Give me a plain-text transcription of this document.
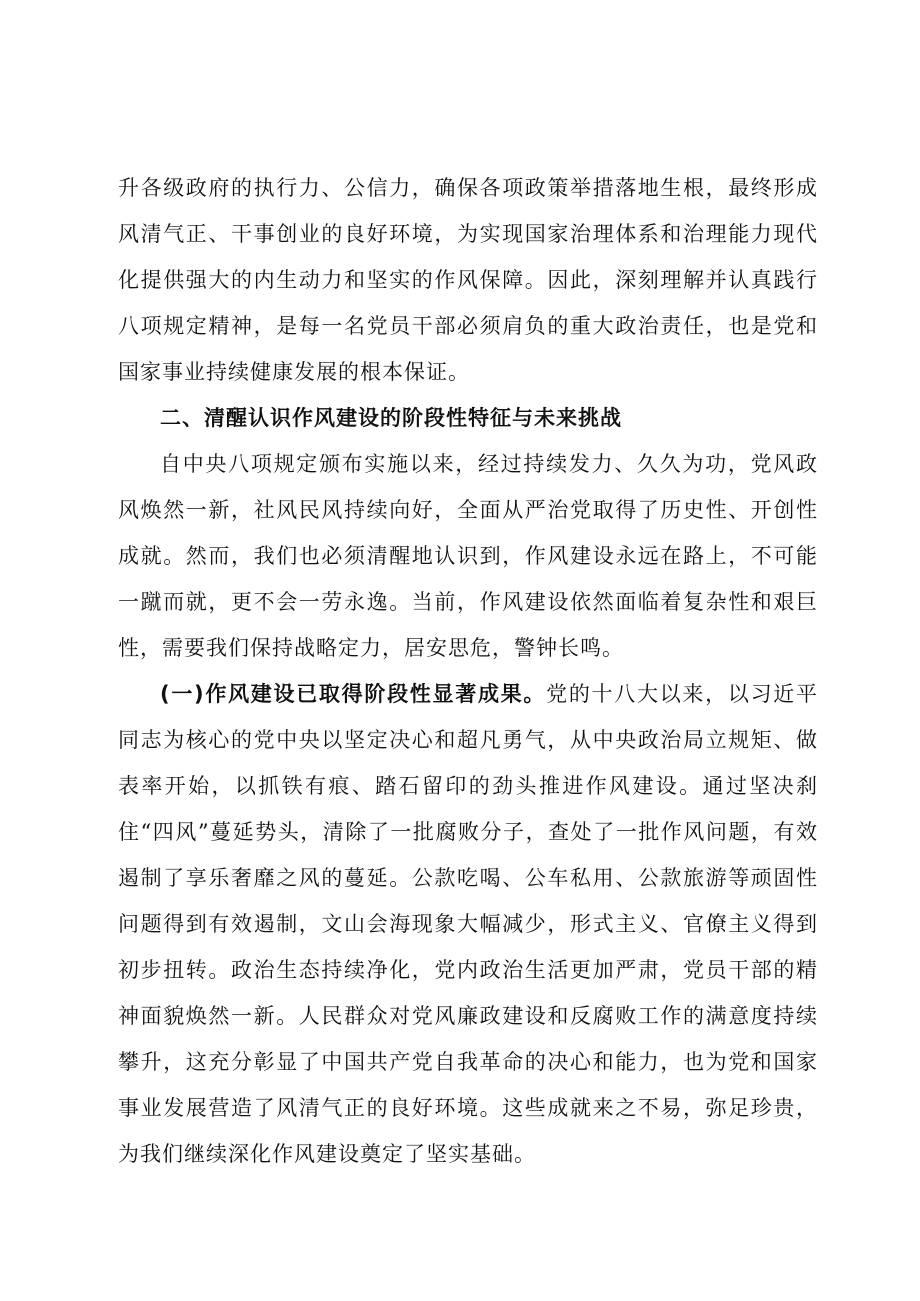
升各级政府的执行力、公信力，确保各项政策举措落地生根，最终形成风清气正、干事创业的良好环境，为实现国家治理体系和治理能力现代化提供强大的内生动力和坚实的作风保障。因此，深刻理解并认真践行八项规定精神，是每一名党员干部必须肩负的重大政治责任，也是党和国家事业持续健康发展的根本保证。

二、清醒认识作风建设的阶段性特征与未来挑战

自中央八项规定颁布实施以来，经过持续发力、久久为功，党风政风焕然一新，社风民风持续向好，全面从严治党取得了历史性、开创性成就。然而，我们也必须清醒地认识到，作风建设永远在路上，不可能一蹴而就，更不会一劳永逸。当前，作风建设依然面临着复杂性和艰巨性，需要我们保持战略定力，居安思危，警钟长鸣。

(一)作风建设已取得阶段性显著成果。党的十八大以来，以习近平同志为核心的党中央以坚定决心和超凡勇气，从中央政治局立规矩、做表率开始，以抓铁有痕、踏石留印的劲头推进作风建设。通过坚决刹住“四风”蔓延势头，清除了一批腐败分子，查处了一批作风问题，有效遏制了享乐奢靡之风的蔓延。公款吃喝、公车私用、公款旅游等顽固性问题得到有效遏制，文山会海现象大幅减少，形式主义、官僚主义得到初步扭转。政治生态持续净化，党内政治生活更加严肃，党员干部的精神面貌焕然一新。人民群众对党风廉政建设和反腐败工作的满意度持续攀升，这充分彰显了中国共产党自我革命的决心和能力，也为党和国家事业发展营造了风清气正的良好环境。这些成就来之不易，弥足珍贵，为我们继续深化作风建设奠定了坚实基础。
